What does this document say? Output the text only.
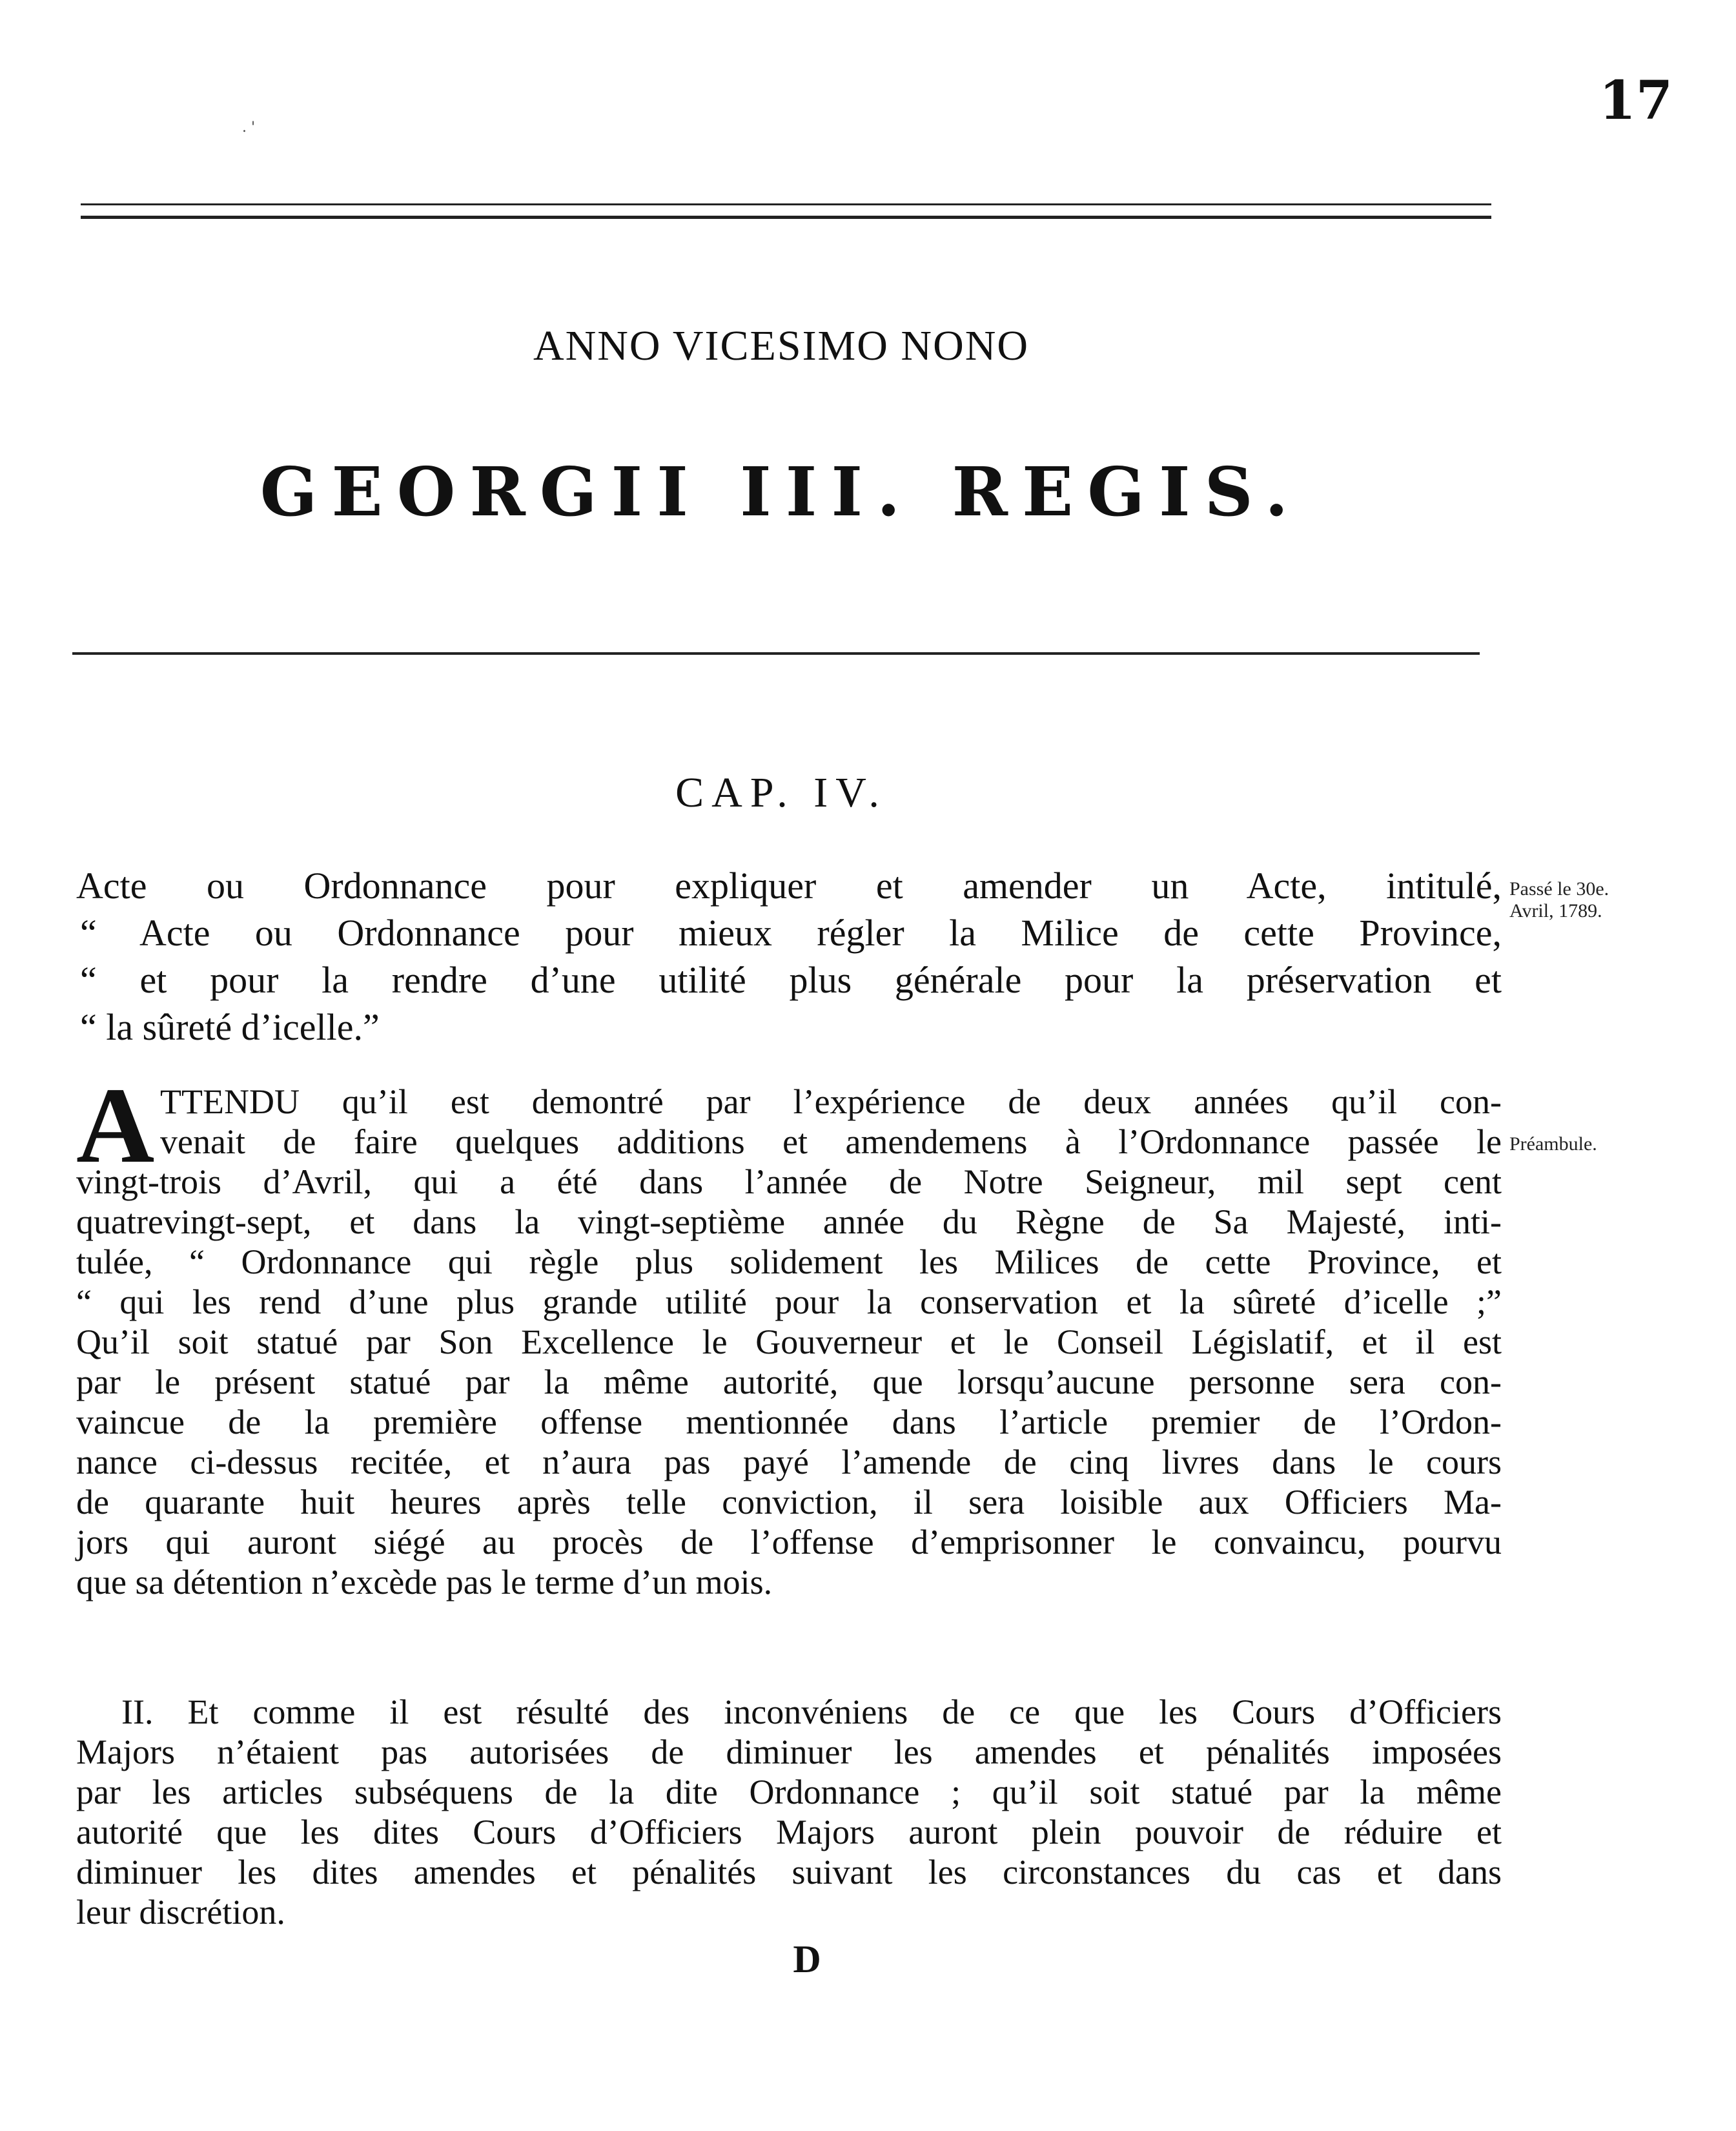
17
. '
ANNO VICESIMO NONO
GEORGII III. REGIS.
CAP. IV.
Passé le 30e.
Avril, 1789.
Préambule.
Acte ou Ordonnance pour expliquer et amender un Acte, intitulé,
“ Acte ou Ordonnance pour mieux régler la Milice de cette Province,
“ et pour la rendre d’une utilité plus générale pour la préservation et
“ la sûreté d’icelle.”
A TTENDU qu’il est demontré par l’expérience de deux années qu’il con-
venait de faire quelques additions et amendemens à l’Ordonnance passée le
vingt-trois d’Avril, qui a été dans l’année de Notre Seigneur, mil sept cent
quatrevingt-sept, et dans la vingt-septième année du Règne de Sa Majesté, inti-
tulée, “ Ordonnance qui règle plus solidement les Milices de cette Province, et
“ qui les rend d’une plus grande utilité pour la conservation et la sûreté d’icelle ;”
Qu’il soit statué par Son Excellence le Gouverneur et le Conseil Législatif, et il est
par le présent statué par la même autorité, que lorsqu’aucune personne sera con-
vaincue de la première offense mentionnée dans l’article premier de l’Ordon-
nance ci-dessus recitée, et n’aura pas payé l’amende de cinq livres dans le cours
de quarante huit heures après telle conviction, il sera loisible aux Officiers Ma-
jors qui auront siégé au procès de l’offense d’emprisonner le convaincu, pourvu
que sa détention n’excède pas le terme d’un mois.
II. Et comme il est résulté des inconvéniens de ce que les Cours d’Officiers
Majors n’étaient pas autorisées de diminuer les amendes et pénalités imposées
par les articles subséquens de la dite Ordonnance ; qu’il soit statué par la même
autorité que les dites Cours d’Officiers Majors auront plein pouvoir de réduire et
diminuer les dites amendes et pénalités suivant les circonstances du cas et dans
leur discrétion.
D
